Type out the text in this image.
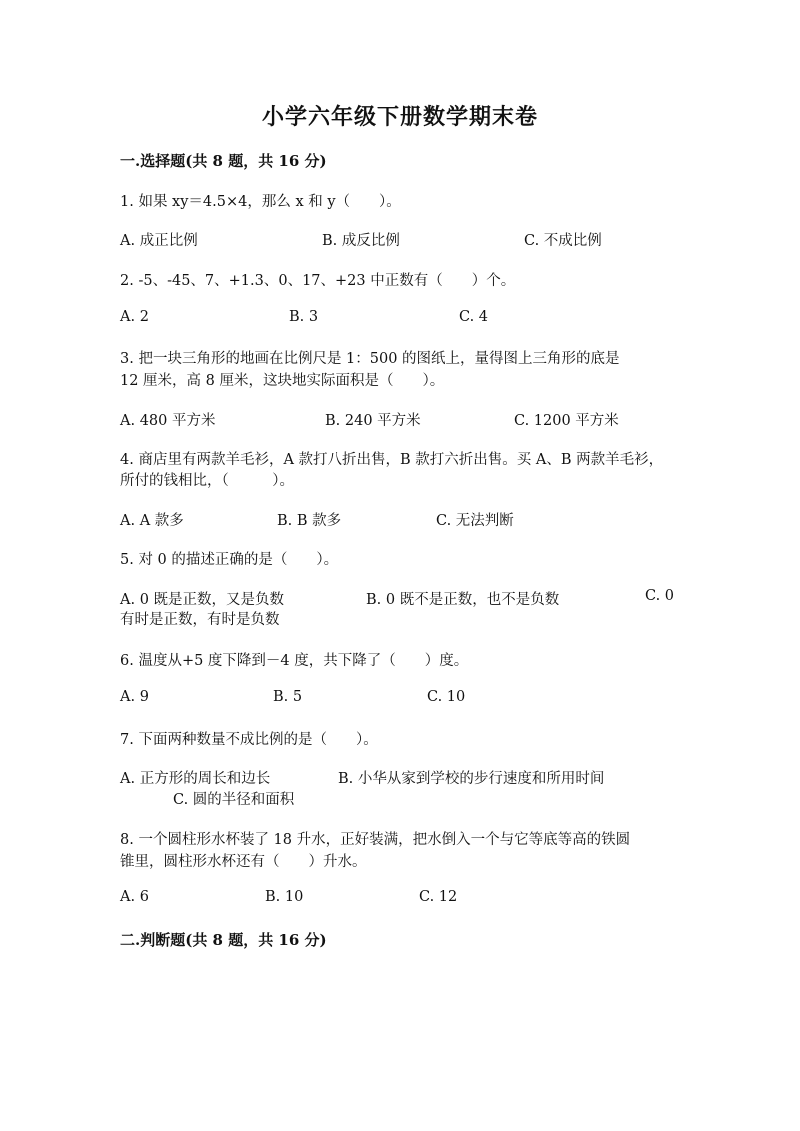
小学六年级下册数学期末卷
一.选择题(共 8 题，共 16 分)
1. 如果 xy＝4.5×4，那么 x 和 y（　　）。
A. 成正比例	B. 成反比例	C. 不成比例
2. -5、-45、7、+1.3、0、17、+23 中正数有（　　）个。
A. 2	B. 3	C. 4
3. 把一块三角形的地画在比例尺是 1：500 的图纸上，量得图上三角形的底是
12 厘米，高 8 厘米，这块地实际面积是（　　）。
A. 480 平方米	B. 240 平方米	C. 1200 平方米
4. 商店里有两款羊毛衫，A 款打八折出售，B 款打六折出售。买 A、B 两款羊毛衫，
所付的钱相比，（　　　）。
A. A 款多	B. B 款多	C. 无法判断
5. 对 0 的描述正确的是（　　）。
A. 0 既是正数，又是负数	B. 0 既不是正数，也不是负数	C. 0
有时是正数，有时是负数
6. 温度从+5 度下降到－4 度，共下降了（　　）度。
A. 9	B. 5	C. 10
7. 下面两种数量不成比例的是（　　）。
A. 正方形的周长和边长	B. 小华从家到学校的步行速度和所用时间
C. 圆的半径和面积
8. 一个圆柱形水杯装了 18 升水，正好装满，把水倒入一个与它等底等高的铁圆
锥里，圆柱形水杯还有（　　）升水。
A. 6	B. 10	C. 12
二.判断题(共 8 题，共 16 分)
